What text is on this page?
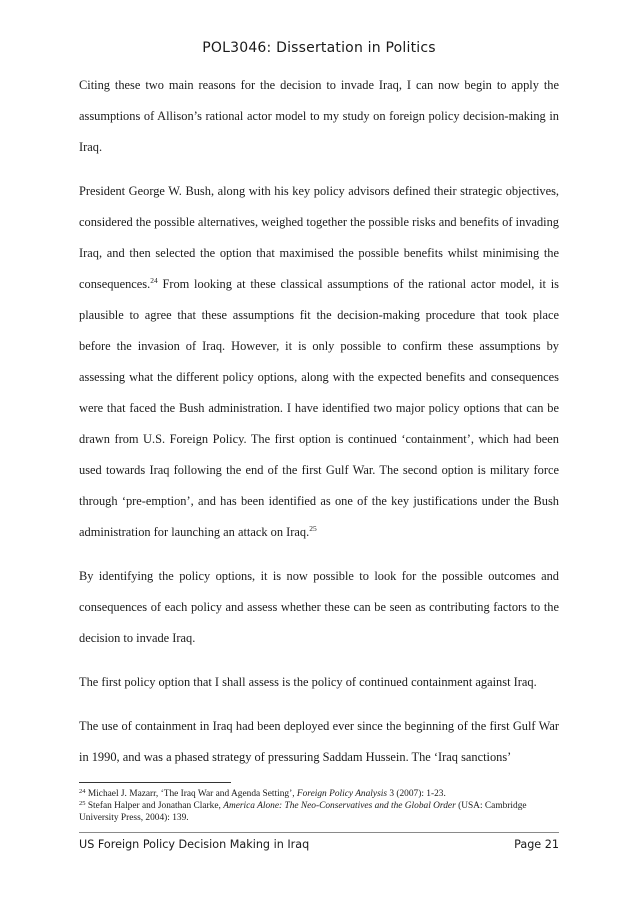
POL3046: Dissertation in Politics

Citing these two main reasons for the decision to invade Iraq, I can now begin to apply the assumptions of Allison’s rational actor model to my study on foreign policy decision-making in Iraq.

President George W. Bush, along with his key policy advisors defined their strategic objectives, considered the possible alternatives, weighed together the possible risks and benefits of invading Iraq, and then selected the option that maximised the possible benefits whilst minimising the consequences.$^{24}$ From looking at these classical assumptions of the rational actor model, it is plausible to agree that these assumptions fit the decision-making procedure that took place before the invasion of Iraq. However, it is only possible to confirm these assumptions by assessing what the different policy options, along with the expected benefits and consequences were that faced the Bush administration. I have identified two major policy options that can be drawn from U.S. Foreign Policy. The first option is continued ‘containment’, which had been used towards Iraq following the end of the first Gulf War. The second option is military force through ‘pre-emption’, and has been identified as one of the key justifications under the Bush administration for launching an attack on Iraq.$^{25}$

By identifying the policy options, it is now possible to look for the possible outcomes and consequences of each policy and assess whether these can be seen as contributing factors to the decision to invade Iraq.

The first policy option that I shall assess is the policy of continued containment against Iraq.

The use of containment in Iraq had been deployed ever since the beginning of the first Gulf War in 1990, and was a phased strategy of pressuring Saddam Hussein. The ‘Iraq sanctions’

$^{24}$ Michael J. Mazarr, ‘The Iraq War and Agenda Setting’, Foreign Policy Analysis 3 (2007): 1-23.

$^{25}$ Stefan Halper and Jonathan Clarke, America Alone: The Neo-Conservatives and the Global Order (USA: Cambridge University Press, 2004): 139.

US Foreign Policy Decision Making in Iraq	Page 21
